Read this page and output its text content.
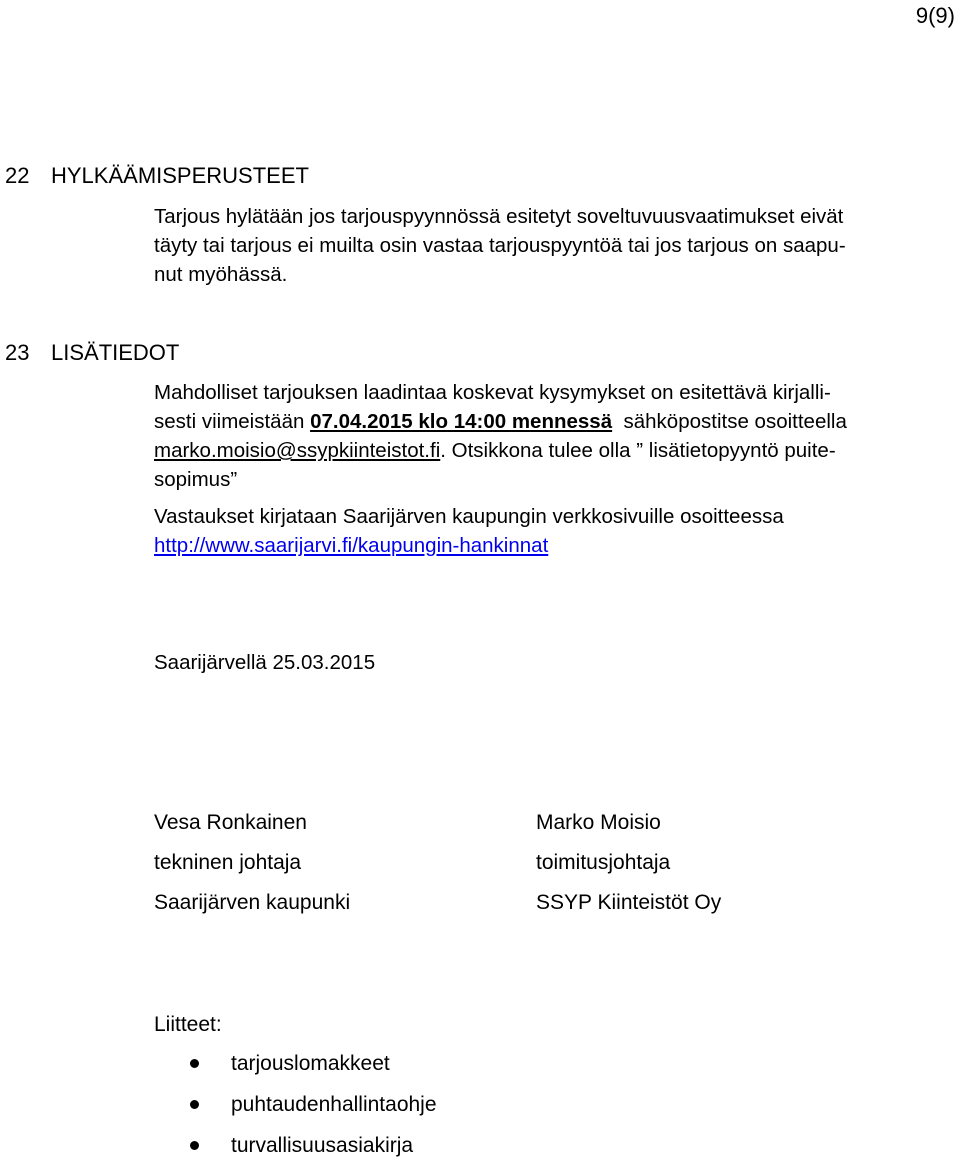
9(9)
22 HYLKÄÄMISPERUSTEET
Tarjous hylätään jos tarjouspyynnössä esitetyt soveltuvuusvaatimukset eivät
täyty tai tarjous ei muilta osin vastaa tarjouspyyntöä tai jos tarjous on saapu-
nut myöhässä.
23 LISÄTIEDOT
Mahdolliset tarjouksen laadintaa koskevat kysymykset on esitettävä kirjalli-
sesti viimeistään 07.04.2015 klo 14:00 mennessä  sähköpostitse osoitteella
marko.moisio@ssypkiinteistot.fi. Otsikkona tulee olla ” lisätietopyyntö puite-
sopimus”
Vastaukset kirjataan Saarijärven kaupungin verkkosivuille osoitteessa
http://www.saarijarvi.fi/kaupungin-hankinnat
Saarijärvellä 25.03.2015
Vesa Ronkainen
tekninen johtaja
Saarijärven kaupunki
Marko Moisio
toimitusjohtaja
SSYP Kiinteistöt Oy
Liitteet:
tarjouslomakkeet
puhtaudenhallintaohje
turvallisuusasiakirja
